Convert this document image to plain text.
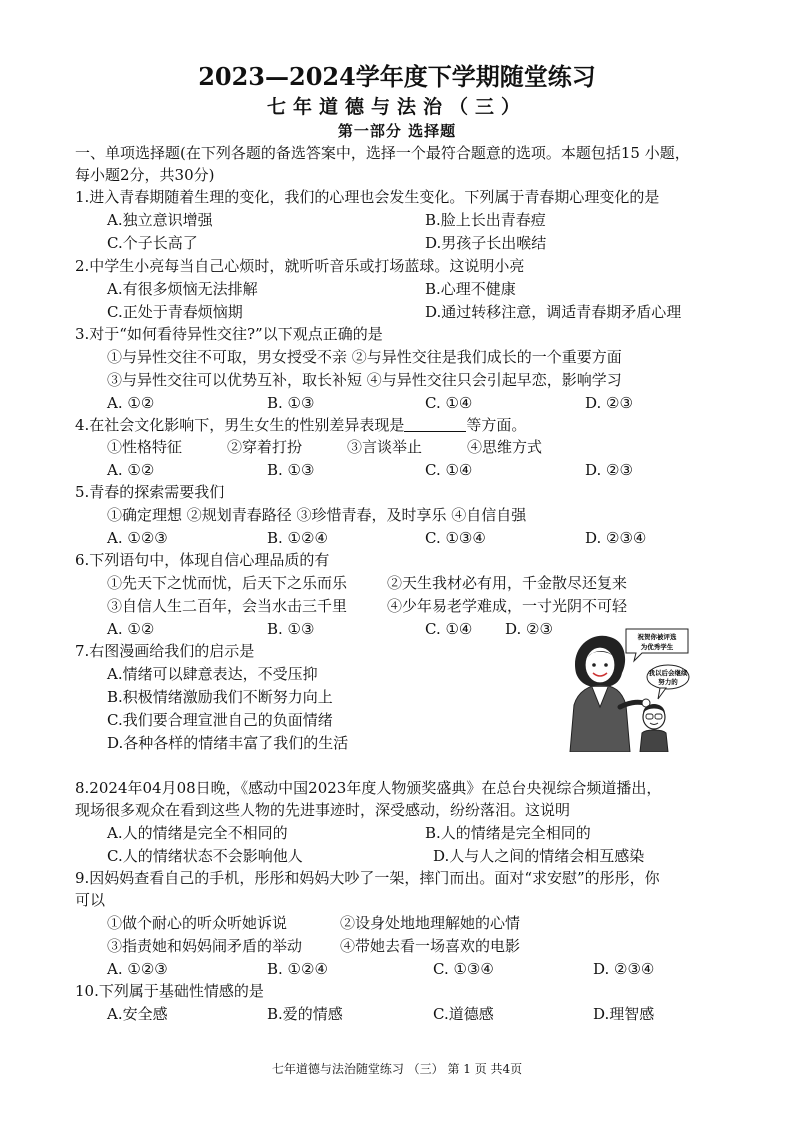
2023—2024学年度下学期随堂练习
七年道德与法治（三）
第一部分 选择题
一、单项选择题(在下列各题的备选答案中，选择一个最符合题意的选项。本题包括15 小题，
每小题2分，共30分)
1.进入青春期随着生理的变化，我们的心理也会发生变化。下列属于青春期心理变化的是
A.独立意识增强	B.脸上长出青春痘
C.个子长高了	D.男孩子长出喉结
2.中学生小亮每当自己心烦时，就听听音乐或打场蓝球。这说明小亮
A.有很多烦恼无法排解	B.心理不健康
C.正处于青春烦恼期	D.通过转移注意，调适青春期矛盾心理
3.对于“如何看待异性交往?”以下观点正确的是
①与异性交往不可取，男女授受不亲 ②与异性交往是我们成长的一个重要方面
③与异性交往可以优势互补，取长补短 ④与异性交往只会引起早恋，影响学习
A. ①②	B. ①③	C. ①④	D. ②③
4.在社会文化影响下，男生女生的性别差异表现是	等方面。
①性格特征	②穿着打扮	③言谈举止	④思维方式
A. ①②	B. ①③	C. ①④	D. ②③
5.青春的探索需要我们
①确定理想 ②规划青春路径 ③珍惜青春，及时享乐 ④自信自强
A. ①②③	B. ①②④	C. ①③④	D. ②③④
6.下列语句中，体现自信心理品质的有
①先天下之忧而忧，后天下之乐而乐	②天生我材必有用，千金散尽还复来
③自信人生二百年，会当水击三千里	④少年易老学难成，一寸光阴不可轻
A. ①②	B. ①③	C. ①④ D. ②③
7.右图漫画给我们的启示是
A.情绪可以肆意表达，不受压抑
B.积极情绪激励我们不断努力向上
C.我们要合理宣泄自己的负面情绪
D.各种各样的情绪丰富了我们的生活
祝贺你被评选
为优秀学生
我以后会继续
努力的
8.2024年04月08日晚，《感动中国2023年度人物颁奖盛典》在总台央视综合频道播出，
现场很多观众在看到这些人物的先进事迹时，深受感动，纷纷落泪。这说明
A.人的情绪是完全不相同的	B.人的情绪是完全相同的
C.人的情绪状态不会影响他人	D.人与人之间的情绪会相互感染
9.因妈妈查看自己的手机，彤彤和妈妈大吵了一架，摔门而出。面对“求安慰”的彤彤，你
可以
①做个耐心的听众听她诉说	②设身处地地理解她的心情
③指责她和妈妈闹矛盾的举动	④带她去看一场喜欢的电影
A. ①②③	B. ①②④	C. ①③④	D. ②③④
10.下列属于基础性情感的是
A.安全感	B.爱的情感	C.道德感	D.理智感
七年道德与法治随堂练习 （三） 第 1 页 共4页
